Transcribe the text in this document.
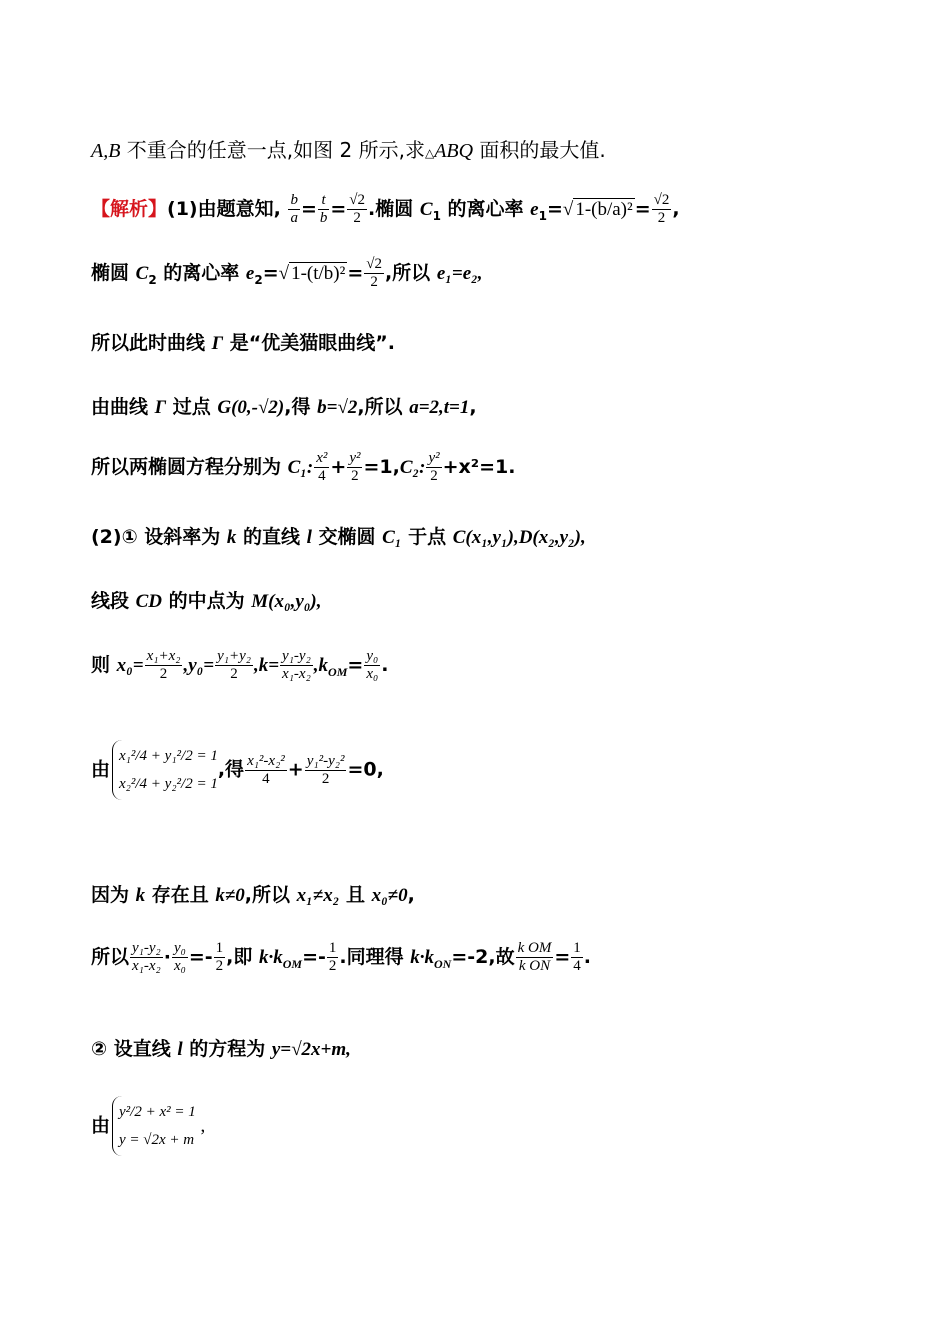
A,B 不重合的任意一点,如图 2 所示,求△ABQ 面积的最大值.
【解析】(1)由题意知, $\frac{b}{a} = \frac{t}{b} = \frac{√2}{2}$ .椭圆 $C_1$ 的离心率 $e_1=√$ $1-(b/a)^2 = \frac{√2}{2}$ ,
椭圆 $C_2$ 的离心率 $e_2=√$ $1-(t/b)^2 = \frac{√2}{2}$ ,所以 e₁=e₂,
所以此时曲线 Γ 是“优美猫眼曲线”.
由曲线 Γ 过点 G(0,-√2),得 b=√2,所以 a=2,t=1,
所以两椭圆方程分别为 C₁: $\frac{\text{x²}}{4} + \frac{\text{y²}}{2} =1,C_2$: $\frac{\text{y²}}{2} +x^2=1$.
(2)① 设斜率为 k 的直线 l 交椭圆 C₁ 于点 C(x₁,y₁),D(x₂,y₂),
线段 CD 的中点为 M(x₀,y₀),
则 $x_0= \frac{\text{x₁+x₂}}{2} ,y_0= \frac{\text{y₁+y₂}}{2} ,k= \frac{\text{y₁-y₂}}{\text{x₁-x₂}} ,k_{OM}= \frac{\text{y₀}}{\text{x₀}}$ .
由
x₁²/4 + y₁²/2 = 1
x₂²/4 + y₂²/2 = 1
,得 $\frac{\text{x₁²-x₂²}}{4} + \frac{\text{y₁²-y₂²}}{2} =0$,
因为 k 存在且 k≠0,所以 x₁≠x₂ 且 x₀≠0,
所以 $\frac{\text{y₁-y₂}}{\text{x₁-x₂}} \cdot \frac{\text{y₀}}{\text{x₀}} =- \frac{1}{2}$ ,即 $k\cdot k_{OM}=- \frac{1}{2}$ .同理得 $k\cdot k_{ON}=-2$,故 $\frac{\text{k OM}}{\text{k ON}} = \frac{1}{4}$ .
② 设直线 l 的方程为 y=√2x+m,
由
y²/2 + x² = 1
y = √2x + m
,
